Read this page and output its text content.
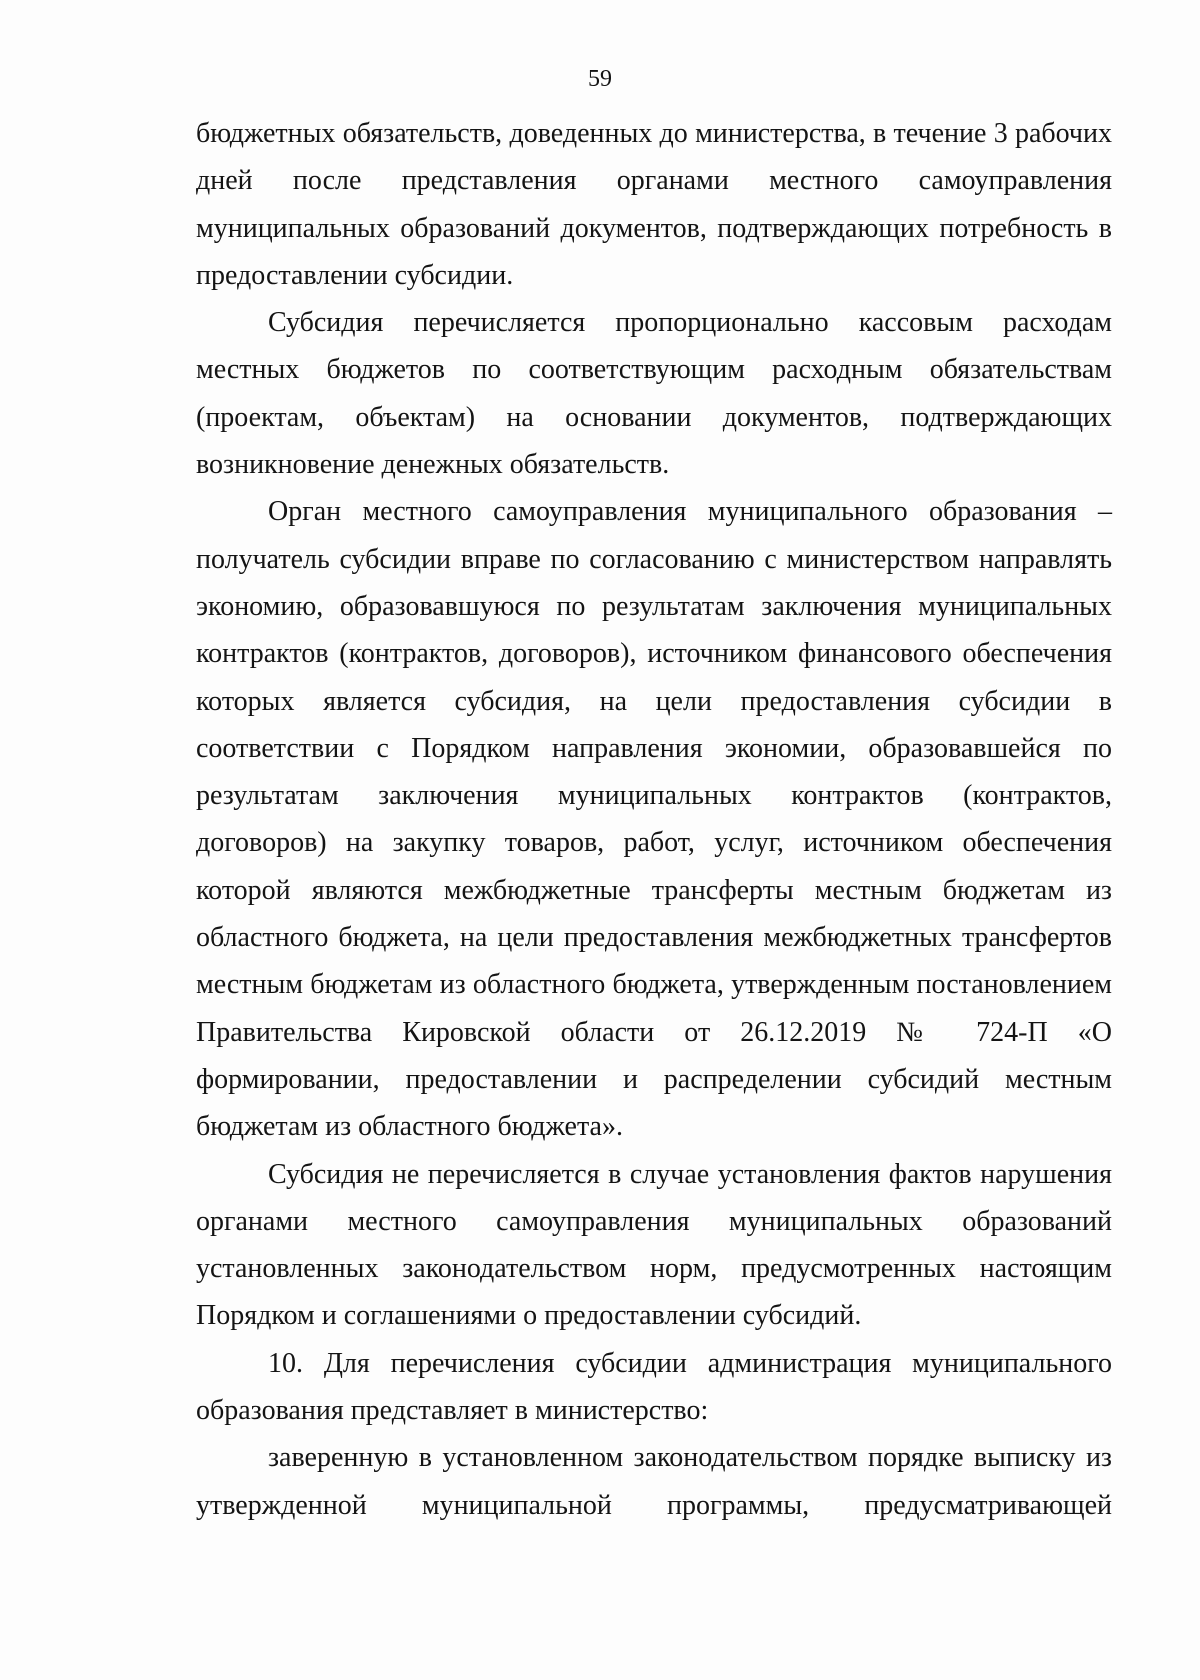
59

бюджетных обязательств, доведенных до министерства, в течение 3 рабочих дней после представления органами местного самоуправления муниципальных образований документов, подтверждающих потребность в предоставлении субсидии.

Субсидия перечисляется пропорционально кассовым расходам местных бюджетов по соответствующим расходным обязательствам (проектам, объектам) на основании документов, подтверждающих возникновение денежных обязательств.

Орган местного самоуправления муниципального образования – получатель субсидии вправе по согласованию с министерством направлять экономию, образовавшуюся по результатам заключения муниципальных контрактов (контрактов, договоров), источником финансового обеспечения которых является субсидия, на цели предоставления субсидии в соответствии с Порядком направления экономии, образовавшейся по результатам заключения муниципальных контрактов (контрактов, договоров) на закупку товаров, работ, услуг, источником обеспечения которой являются межбюджетные трансферты местным бюджетам из областного бюджета, на цели предоставления межбюджетных трансфертов местным бюджетам из областного бюджета, утвержденным постановлением Правительства Кировской области от 26.12.2019 № 724-П «О формировании, предоставлении и распределении субсидий местным бюджетам из областного бюджета».

Субсидия не перечисляется в случае установления фактов нарушения органами местного самоуправления муниципальных образований установленных законодательством норм, предусмотренных настоящим Порядком и соглашениями о предоставлении субсидий.

10. Для перечисления субсидии администрация муниципального образования представляет в министерство:

заверенную в установленном законодательством порядке выписку из утвержденной муниципальной программы, предусматривающей
